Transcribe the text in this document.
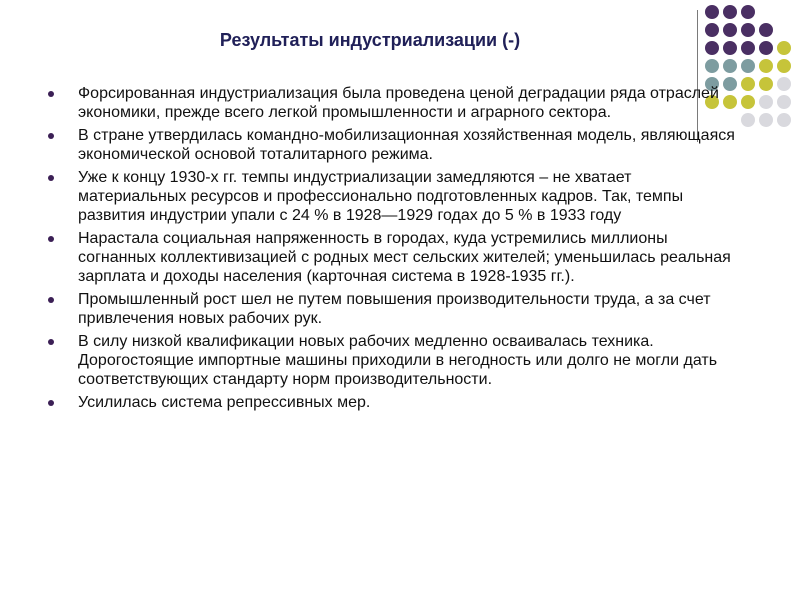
Результаты индустриализации (-)
Форсированная индустриализация была проведена ценой деградации ряда отраслей экономики, прежде всего легкой промышленности и аграрного сектора.
В стране утвердилась командно-мобилизационная хозяйственная модель, являющаяся экономической основой тоталитарного режима.
Уже к концу 1930-х гг. темпы индустриализации замедляются – не хватает материальных ресурсов и профессионально подготовленных кадров. Так, темпы развития индустрии упали с 24 % в 1928—1929 годах до 5 % в 1933 году
Нарастала социальная напряженность в городах, куда устремились миллионы согнанных коллективизацией с родных мест сельских жителей; уменьшилась реальная зарплата и доходы населения (карточная система в 1928-1935 гг.).
Промышленный рост шел не путем повышения производительности труда, а за счет привлечения новых рабочих рук.
В силу низкой квалификации новых рабочих медленно осваивалась техника. Дорогостоящие импортные машины приходили в негодность или долго не могли дать соответствующих стандарту норм производительности.
Усилилась система репрессивных мер.
